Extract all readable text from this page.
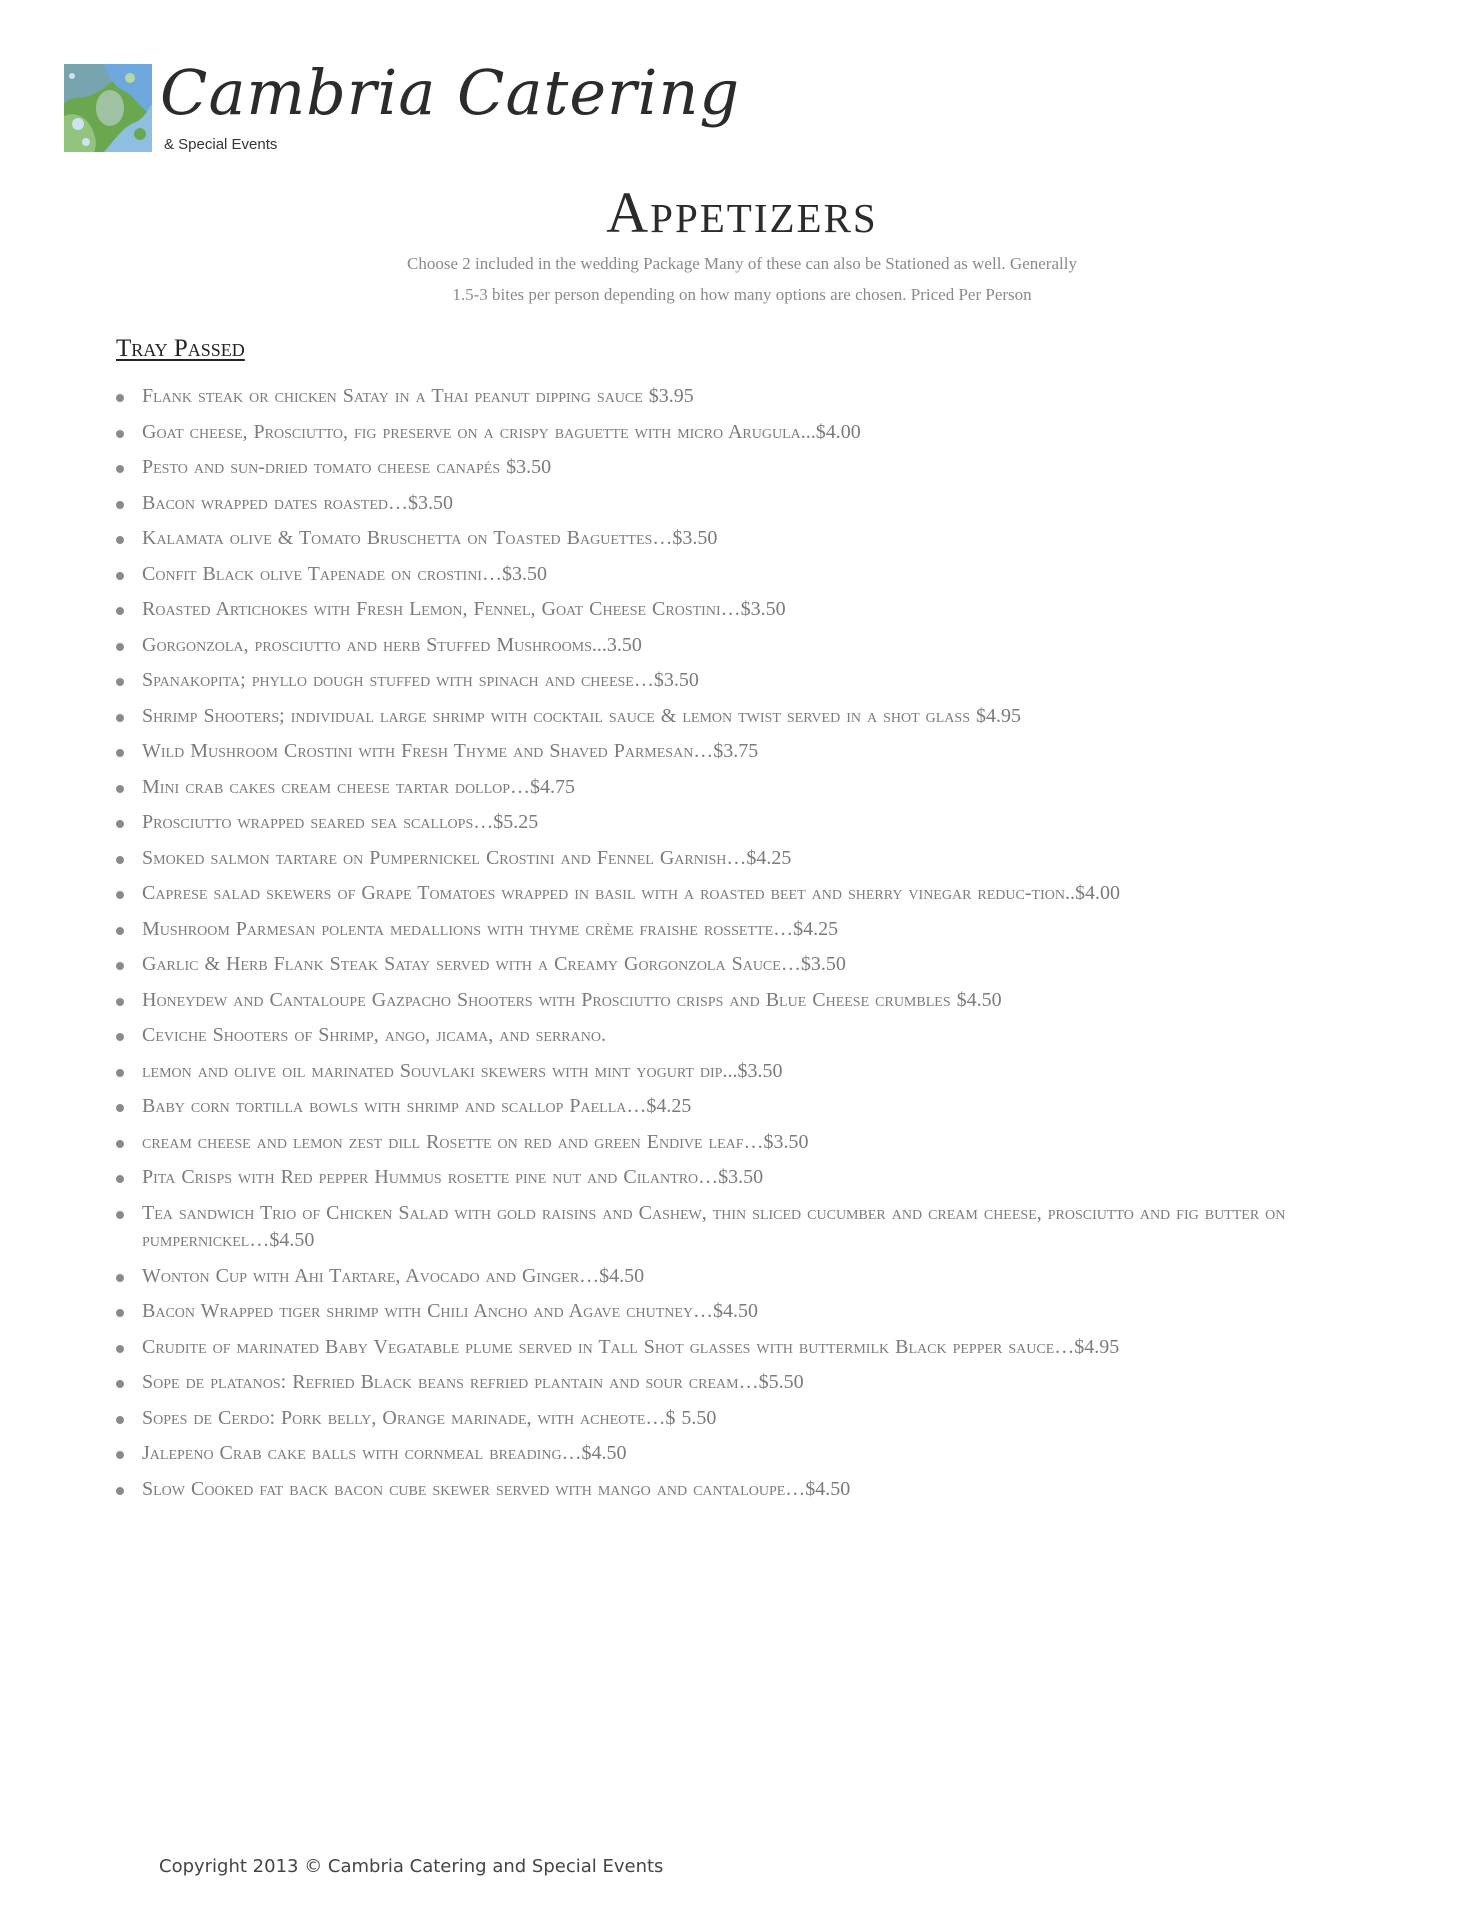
Cambria Catering
& Special Events
Appetizers
Choose 2 included in the wedding Package Many of these can also be Stationed as well. Generally
1.5-3 bites per person depending on how many options are chosen. Priced Per Person
Tray Passed
Flank steak or chicken Satay in a Thai peanut dipping sauce $3.95
Goat cheese, Prosciutto, fig preserve on a crispy baguette with micro Arugula...$4.00
Pesto and sun-dried tomato cheese canapés $3.50
Bacon wrapped dates roasted…$3.50
Kalamata olive & Tomato Bruschetta on Toasted Baguettes…$3.50
Confit Black olive Tapenade on crostini…$3.50
Roasted Artichokes with Fresh Lemon, Fennel, Goat Cheese Crostini…$3.50
Gorgonzola, prosciutto and herb Stuffed Mushrooms...3.50
Spanakopita; phyllo dough stuffed with spinach and cheese…$3.50
Shrimp Shooters; individual large shrimp with cocktail sauce & lemon twist served in a shot glass $4.95
Wild Mushroom Crostini with Fresh Thyme and Shaved Parmesan…$3.75
Mini crab cakes cream cheese tartar dollop…$4.75
Prosciutto wrapped seared sea scallops…$5.25
Smoked salmon tartare on Pumpernickel Crostini and Fennel Garnish…$4.25
Caprese salad skewers of Grape Tomatoes wrapped in basil with a roasted beet and sherry vinegar reduc-tion..$4.00
Mushroom Parmesan polenta medallions with thyme crème fraishe rossette…$4.25
Garlic & Herb Flank Steak Satay served with a Creamy Gorgonzola Sauce…$3.50
Honeydew and Cantaloupe Gazpacho Shooters with Prosciutto crisps and Blue Cheese crumbles $4.50
Ceviche Shooters of Shrimp, ango, jicama, and serrano.
lemon and olive oil marinated Souvlaki skewers with mint yogurt dip...$3.50
Baby corn tortilla bowls with shrimp and scallop Paella…$4.25
cream cheese and lemon zest dill Rosette on red and green Endive leaf…$3.50
Pita Crisps with Red pepper Hummus rosette pine nut and Cilantro…$3.50
Tea sandwich Trio of Chicken Salad with gold raisins and Cashew, thin sliced cucumber and cream cheese, prosciutto and fig butter on pumpernickel…$4.50
Wonton Cup with Ahi Tartare, Avocado and Ginger…$4.50
Bacon Wrapped tiger shrimp with Chili Ancho and Agave chutney…$4.50
Crudite of marinated Baby Vegatable plume served in Tall Shot glasses with buttermilk Black pepper sauce…$4.95
Sope de platanos: Refried Black beans refried plantain and sour cream…$5.50
Sopes de Cerdo: Pork belly, Orange marinade, with acheote…$ 5.50
Jalepeno Crab cake balls with cornmeal breading…$4.50
Slow Cooked fat back bacon cube skewer served with mango and cantaloupe…$4.50
Copyright 2013 © Cambria Catering and Special Events
